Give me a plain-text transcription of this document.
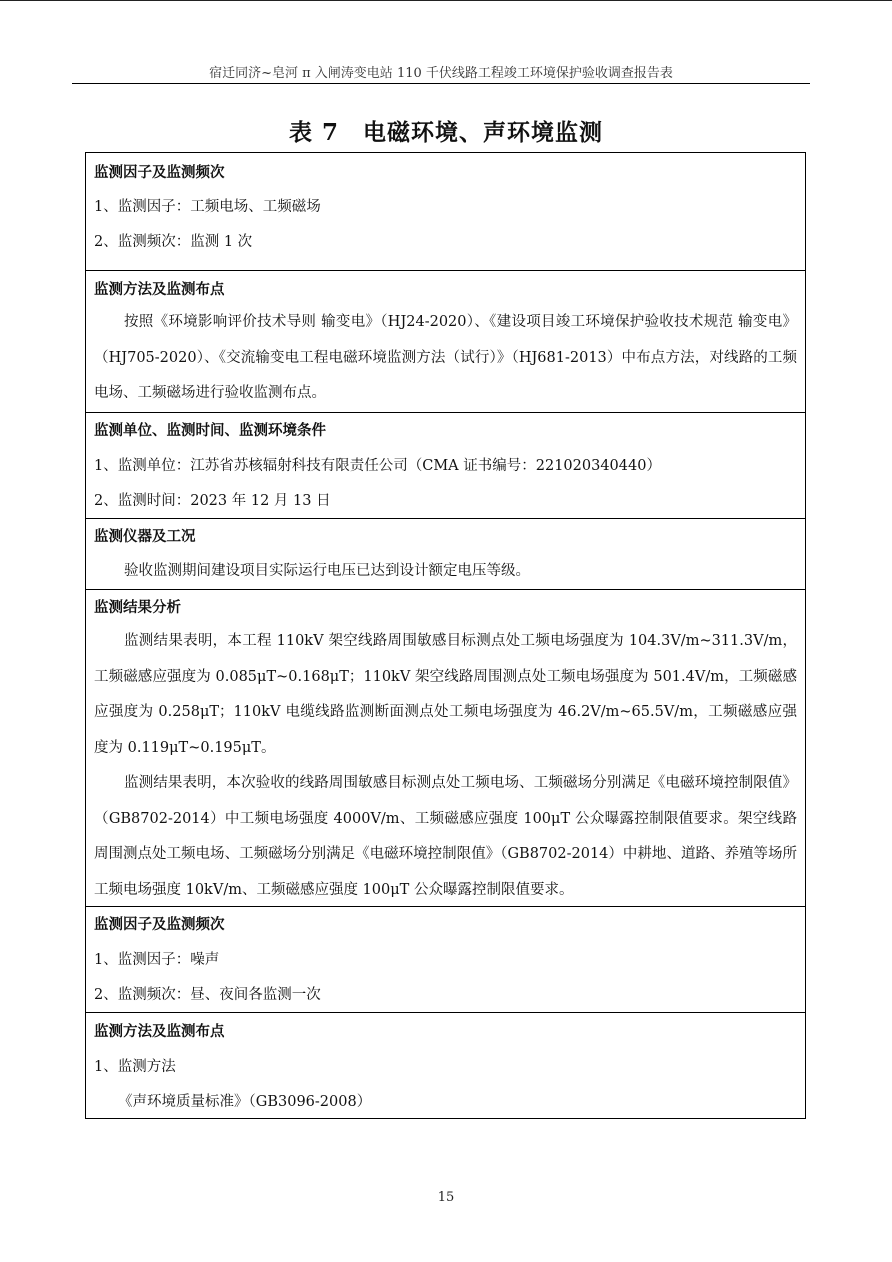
宿迁同济~皂河 π 入闸涛变电站 110 千伏线路工程竣工环境保护验收调查报告表
表 7　电磁环境、声环境监测
监测因子及监测频次
1、监测因子：工频电场、工频磁场
2、监测频次：监测 1 次
监测方法及监测布点
按照《环境影响评价技术导则 输变电》（HJ24-2020）、《建设项目竣工环境保护验收技术规范 输变电》（HJ705-2020）、《交流输变电工程电磁环境监测方法（试行）》（HJ681-2013）中布点方法，对线路的工频电场、工频磁场进行验收监测布点。
监测单位、监测时间、监测环境条件
1、监测单位：江苏省苏核辐射科技有限责任公司（CMA 证书编号：221020340440）
2、监测时间：2023 年 12 月 13 日
监测仪器及工况
验收监测期间建设项目实际运行电压已达到设计额定电压等级。
监测结果分析
监测结果表明，本工程 110kV 架空线路周围敏感目标测点处工频电场强度为 104.3V/m~311.3V/m，工频磁感应强度为 0.085μT~0.168μT；110kV 架空线路周围测点处工频电场强度为 501.4V/m，工频磁感应强度为 0.258μT；110kV 电缆线路监测断面测点处工频电场强度为 46.2V/m~65.5V/m，工频磁感应强度为 0.119μT~0.195μT。
监测结果表明，本次验收的线路周围敏感目标测点处工频电场、工频磁场分别满足《电磁环境控制限值》（GB8702-2014）中工频电场强度 4000V/m、工频磁感应强度 100μT 公众曝露控制限值要求。架空线路周围测点处工频电场、工频磁场分别满足《电磁环境控制限值》（GB8702-2014）中耕地、道路、养殖等场所工频电场强度 10kV/m、工频磁感应强度 100μT 公众曝露控制限值要求。
监测因子及监测频次
1、监测因子：噪声
2、监测频次：昼、夜间各监测一次
监测方法及监测布点
1、监测方法
《声环境质量标准》（GB3096-2008）
15
